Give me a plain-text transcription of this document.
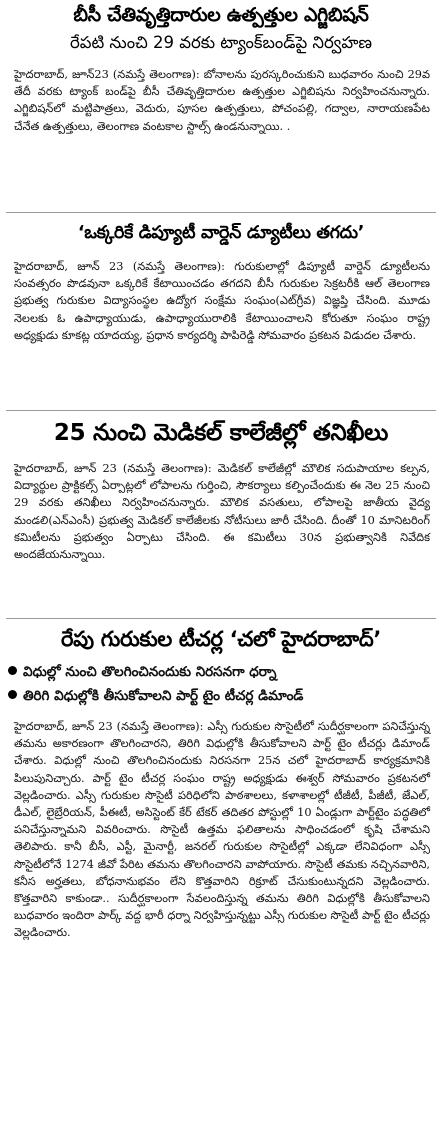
బీసీ చేతివృత్తిదారుల ఉత్పత్తుల ఎగ్జిబిషన్
రేపటి నుంచి 29 వరకు ట్యాంక్‌బండ్‌పై నిర్వహణ
హైదరాబాద్, జూన్23 (నమస్తే తెలంగాణ): బోనాలను పురస్కరించుకుని బుధవారం నుంచి 29వ తేదీ వరకు ట్యాంక్ బండ్‌పై బీసీ చేతివృత్తిదారుల ఉత్పత్తుల ఎగ్జిబిషను నిర్వహించనున్నారు. ఎగ్జిబిషన్‌లో మట్టిపాత్రలు, వెదురు, పూసల ఉత్పత్తులు, పోచంపల్లి, గద్వాల, నారాయణపేట చేనేత ఉత్పత్తులు, తెలంగాణ వంటకాల స్టాల్స్ ఉండనున్నాయి. .
‘ఒక్కరికే డిప్యూటీ వార్డెన్ డ్యూటీలు తగదు’
హైదరాబాద్, జూన్ 23 (నమస్తే తెలంగాణ): గురుకులాల్లో డిప్యూటీ వార్డెన్ డ్యూటీలను సంవత్సరం పొడవునా ఒక్కరికే కేటాయించడం తగదని బీసీ గురుకుల సెక్రటరీకి ఆల్ తెలంగాణ ప్రభుత్వ గురుకుల విద్యాసంస్థల ఉద్యోగ సంక్షేమ సంఘం(ఎట్‌గ్రీవ) విజ్ఞప్తి చేసింది. మూడు నెలలకు ఓ ఉపాధ్యాయుడు, ఉపాధ్యాయురాలికి కేటాయించాలని కోరుతూ సంఘం రాష్ట్ర అధ్యక్షుడు కూకట్ల యాదయ్య, ప్రధాన కార్యదర్శి పాపిరెడ్డి సోమవారం ప్రకటన విడుదల చేశారు.
25 నుంచి మెడికల్ కాలేజీల్లో తనిఖీలు
హైదరాబాద్, జూన్ 23 (నమస్తే తెలంగాణ): మెడికల్ కాలేజీల్లో మౌలిక సదుపాయాల కల్పన, విద్యార్థుల ప్రాక్టికల్స్ ఏర్పాట్లలో లోపాలను గుర్తించి, సౌకర్యాలు కల్పించేందుకు ఈ నెల 25 నుంచి 29 వరకు తనిఖీలు నిర్వహించనున్నారు. మౌలిక వసతులు, లోపాలపై జాతీయ వైద్య మండలి(ఎన్ఎంసీ) ప్రభుత్వ మెడికల్ కాలేజీలకు నోటీసులు జారీ చేసింది. దీంతో 10 మానిటరింగ్ కమిటీలను ప్రభుత్వం ఏర్పాటు చేసింది. ఈ కమిటీలు 30న ప్రభుత్వానికి నివేదిక అందజేయనున్నాయి.
రేపు గురుకుల టీచర్ల ‘చలో హైదరాబాద్’
విధుల్లో నుంచి తొలగించినందుకు నిరసనగా ధర్నా
తిరిగి విధుల్లోకి తీసుకోవాలని పార్ట్ టైం టీచర్ల డిమాండ్
హైదరాబాద్, జూన్ 23 (నమస్తే తెలంగాణ): ఎస్సీ గురుకుల సొసైటీలో సుదీర్ఘకాలంగా పనిచేస్తున్న తమను అకారణంగా తొలగించారని, తిరిగి విధుల్లోకి తీసుకోవాలని పార్ట్ టైం టీచర్లు డిమాండ్ చేశారు. విధుల్లో నుంచి తొలగించినందుకు నిరసనగా 25న చలో హైదరాబాద్ కార్యక్రమానికి పిలుపునిచ్చారు. పార్ట్ టైం టీచర్ల సంఘం రాష్ట్ర అధ్యక్షుడు ఈశ్వర్ సోమవారం ప్రకటనలో వెల్లడించారు. ఎస్సీ గురుకుల సొసైటీ పరిధిలోని పాఠశాలలు, కళాశాలల్లో టీజీటీ, పీజీటీ, జేఎల్, డీఎల్, లైబ్రేరియన్, పీఈటీ, అసిస్టెంట్ కేర్ టేకర్ తదితర పోస్టుల్లో 10 ఏండ్లుగా పార్ట్‌టైం పద్ధతిలో పనిచేస్తున్నామని వివరించారు. సొసైటీ ఉత్తమ ఫలితాలను సాధించడంలో కృషి చేశామని తెలిపారు. కానీ బీసీ, ఎస్టీ, మైనార్టీ, జనరల్ గురుకుల సొసైటీల్లో ఎక్కడా లేనివిధంగా ఎస్సీ సొసైటీలోనే 1274 జీవో పేరిట తమను తొలగించారని వాపోయారు. సొసైటీ తమకు నచ్చినవారిని, కనీస అర్హతలు, బోధనానుభవం లేని కొత్తవారిని రిక్రూట్ చేసుకుంటున్నదని వెల్లడించారు. కొత్తవారిని కాకుండా.. సుదీర్ఘకాలంగా సేవలందిస్తున్న తమను తిరిగి విధుల్లోకి తీసుకోవాలని బుధవారం ఇందిరా పార్క్ వద్ద భారీ ధర్నా నిర్వహిస్తున్నట్టు ఎస్సీ గురుకుల సొసైటీ పార్ట్ టైం టీచర్లు వెల్లడించారు.
